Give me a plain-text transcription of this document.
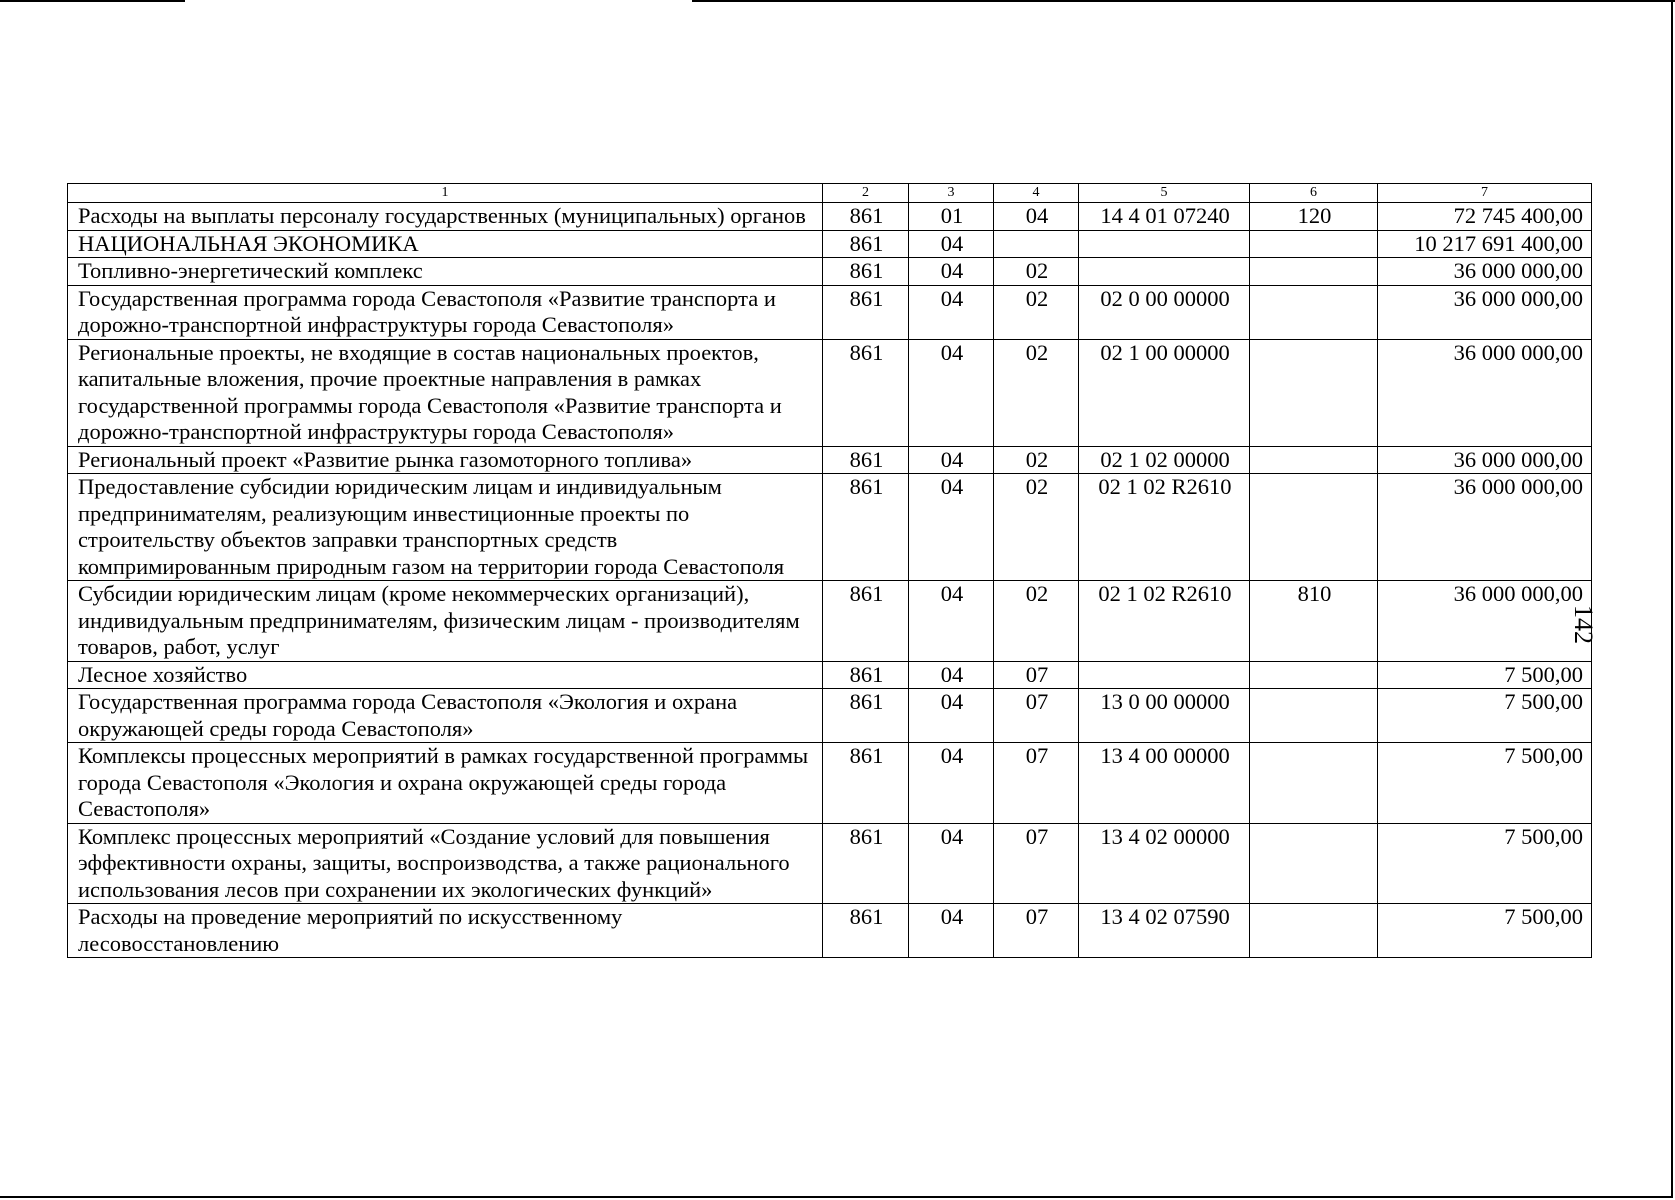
142
1	2	3	4	5	6	7
Расходы на выплаты персоналу государственных (муниципальных) органов	861	01	04	14 4 01 07240	120	72 745 400,00
НАЦИОНАЛЬНАЯ ЭКОНОМИКА	861	04				10 217 691 400,00
Топливно-энергетический комплекс	861	04	02			36 000 000,00
Государственная программа города Севастополя «Развитие транспорта и дорожно-транспортной инфраструктуры города Севастополя»	861	04	02	02 0 00 00000		36 000 000,00
Региональные проекты, не входящие в состав национальных проектов, капитальные вложения, прочие проектные направления в рамках государственной программы города Севастополя «Развитие транспорта и дорожно-транспортной инфраструктуры города Севастополя»	861	04	02	02 1 00 00000		36 000 000,00
Региональный проект «Развитие рынка газомоторного топлива»	861	04	02	02 1 02 00000		36 000 000,00
Предоставление субсидии юридическим лицам и индивидуальным предпринимателям, реализующим инвестиционные проекты по строительству объектов заправки транспортных средств компримированным природным газом на территории города Севастополя	861	04	02	02 1 02 R2610		36 000 000,00
Субсидии юридическим лицам (кроме некоммерческих организаций), индивидуальным предпринимателям, физическим лицам - производителям товаров, работ, услуг	861	04	02	02 1 02 R2610	810	36 000 000,00
Лесное хозяйство	861	04	07			7 500,00
Государственная программа города Севастополя «Экология и охрана окружающей среды города Севастополя»	861	04	07	13 0 00 00000		7 500,00
Комплексы процессных мероприятий в рамках государственной программы города Севастополя «Экология и охрана окружающей среды города Севастополя»	861	04	07	13 4 00 00000		7 500,00
Комплекс процессных мероприятий «Создание условий для повышения эффективности охраны, защиты, воспроизводства, а также рационального использования лесов при сохранении их экологических функций»	861	04	07	13 4 02 00000		7 500,00
Расходы на проведение мероприятий по искусственному лесовосстановлению	861	04	07	13 4 02 07590		7 500,00
